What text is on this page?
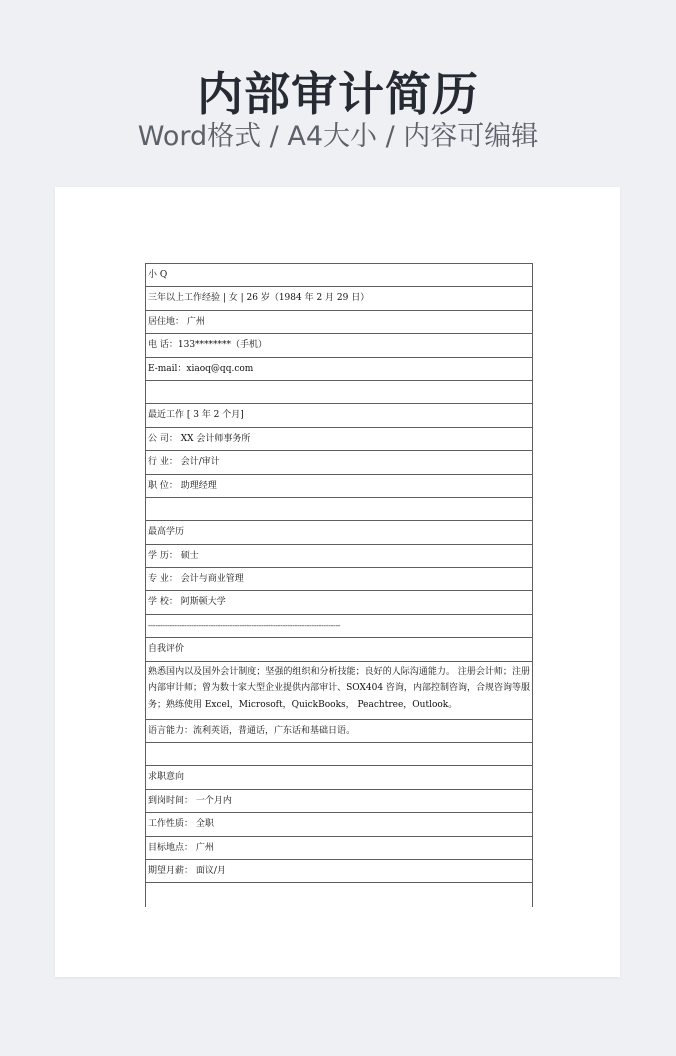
内部审计简历
Word格式 / A4大小 / 内容可编辑
小 Q
三年以上工作经验 | 女 | 26 岁（1984 年 2 月 29 日）
居住地： 广州
电 话：133********（手机）
E-mail：xiaoq@qq.com
最近工作 [ 3 年 2 个月]
公 司： XX 会计师事务所
行 业： 会计/审计
职 位： 助理经理
最高学历
学 历： 硕士
专 业： 会计与商业管理
学 校： 阿斯顿大学
--------------------------------------------------------------------------------
自我评价
熟悉国内以及国外会计制度；坚强的组织和分析技能；良好的人际沟通能力。 注册会计师；注册内部审计师；曾为数十家大型企业提供内部审计、SOX404 咨询，内部控制咨询，合规咨询等服务；熟练使用 Excel，Microsoft，QuickBooks， Peachtree，Outlook。
语言能力：流利英语，普通话，广东话和基础日语。
求职意向
到岗时间： 一个月内
工作性质： 全职
目标地点： 广州
期望月薪： 面议/月
